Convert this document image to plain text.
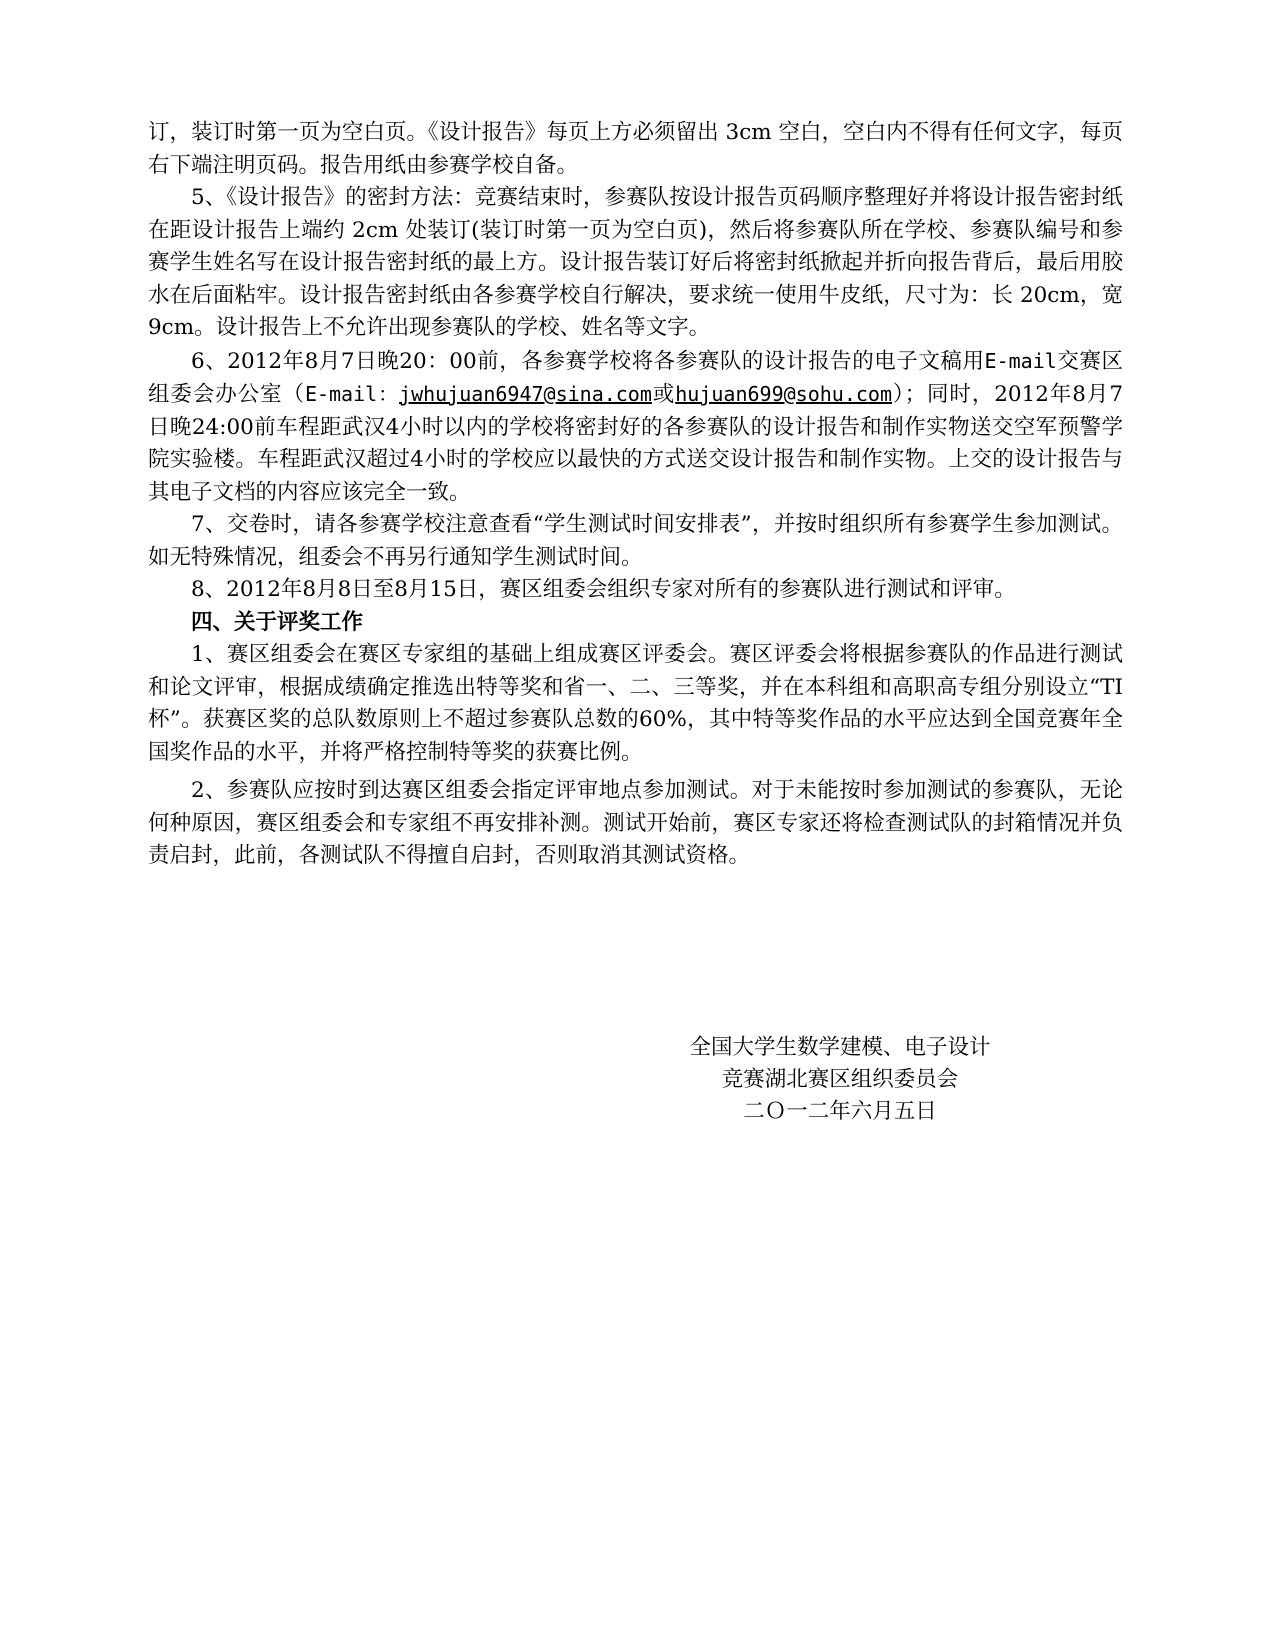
订，装订时第一页为空白页。《设计报告》每页上方必须留出 3cm 空白，空白内不得有任何文字，每页右下端注明页码。报告用纸由参赛学校自备。

5、《设计报告》的密封方法：竞赛结束时，参赛队按设计报告页码顺序整理好并将设计报告密封纸在距设计报告上端约 2cm 处装订(装订时第一页为空白页)，然后将参赛队所在学校、参赛队编号和参赛学生姓名写在设计报告密封纸的最上方。设计报告装订好后将密封纸掀起并折向报告背后，最后用胶水在后面粘牢。设计报告密封纸由各参赛学校自行解决，要求统一使用牛皮纸，尺寸为：长 20cm，宽 9cm。设计报告上不允许出现参赛队的学校、姓名等文字。

6、2012年8月7日晚20：00前，各参赛学校将各参赛队的设计报告的电子文稿用E-mail交赛区组委会办公室（E-mail：jwhujuan6947@sina.com或hujuan699@sohu.com）；同时，2012年8月7日晚24:00前车程距武汉4小时以内的学校将密封好的各参赛队的设计报告和制作实物送交空军预警学院实验楼。车程距武汉超过4小时的学校应以最快的方式送交设计报告和制作实物。上交的设计报告与其电子文档的内容应该完全一致。

7、交卷时，请各参赛学校注意查看“学生测试时间安排表”，并按时组织所有参赛学生参加测试。如无特殊情况，组委会不再另行通知学生测试时间。

8、2012年8月8日至8月15日，赛区组委会组织专家对所有的参赛队进行测试和评审。

四、关于评奖工作

1、赛区组委会在赛区专家组的基础上组成赛区评委会。赛区评委会将根据参赛队的作品进行测试和论文评审，根据成绩确定推选出特等奖和省一、二、三等奖，并在本科组和高职高专组分别设立“TI杯”。获赛区奖的总队数原则上不超过参赛队总数的60%，其中特等奖作品的水平应达到全国竞赛年全国奖作品的水平，并将严格控制特等奖的获赛比例。

2、参赛队应按时到达赛区组委会指定评审地点参加测试。对于未能按时参加测试的参赛队，无论何种原因，赛区组委会和专家组不再安排补测。测试开始前，赛区专家还将检查测试队的封箱情况并负责启封，此前，各测试队不得擅自启封，否则取消其测试资格。

全国大学生数学建模、电子设计
竞赛湖北赛区组织委员会
二Ｏ一二年六月五日
